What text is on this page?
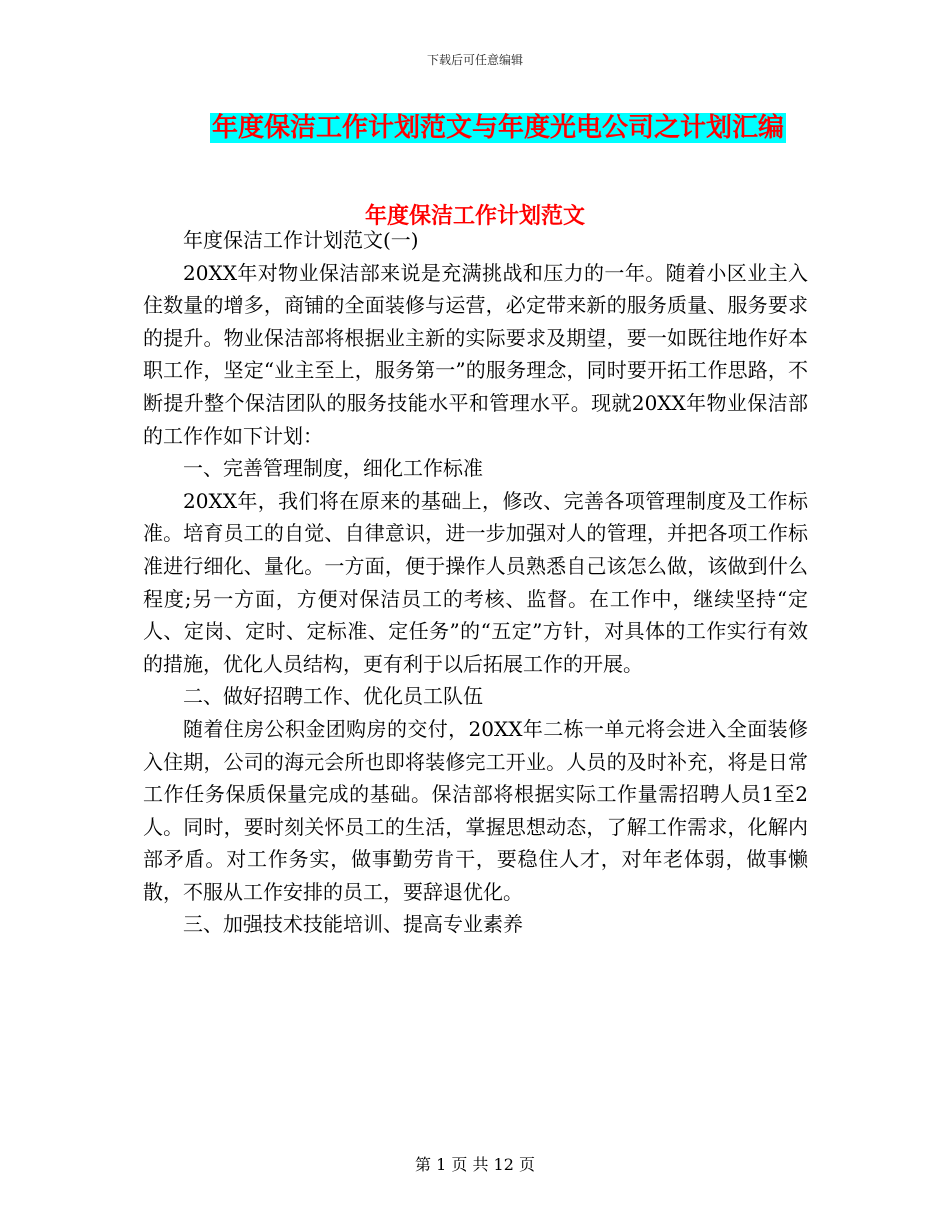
下载后可任意编辑
年度保洁工作计划范文与年度光电公司之计划汇编
年度保洁工作计划范文

年度保洁工作计划范文(一)

20XX年对物业保洁部来说是充满挑战和压力的一年。随着小区业主入住数量的增多，商铺的全面装修与运营，必定带来新的服务质量、服务要求的提升。物业保洁部将根据业主新的实际要求及期望，要一如既往地作好本职工作，坚定“业主至上，服务第一”的服务理念，同时要开拓工作思路，不断提升整个保洁团队的服务技能水平和管理水平。现就20XX年物业保洁部的工作作如下计划：

一、完善管理制度，细化工作标准

20XX年，我们将在原来的基础上，修改、完善各项管理制度及工作标准。培育员工的自觉、自律意识，进一步加强对人的管理，并把各项工作标准进行细化、量化。一方面，便于操作人员熟悉自己该怎么做，该做到什么程度;另一方面，方便对保洁员工的考核、监督。在工作中，继续坚持“定人、定岗、定时、定标准、定任务”的“五定”方针，对具体的工作实行有效的措施，优化人员结构，更有利于以后拓展工作的开展。

二、做好招聘工作、优化员工队伍

随着住房公积金团购房的交付，20XX年二栋一单元将会进入全面装修入住期，公司的海元会所也即将装修完工开业。人员的及时补充，将是日常工作任务保质保量完成的基础。保洁部将根据实际工作量需招聘人员1至2人。同时，要时刻关怀员工的生活，掌握思想动态，了解工作需求，化解内部矛盾。对工作务实，做事勤劳肯干，要稳住人才，对年老体弱，做事懒散，不服从工作安排的员工，要辞退优化。

三、加强技术技能培训、提高专业素养

第 1 页 共 12 页
